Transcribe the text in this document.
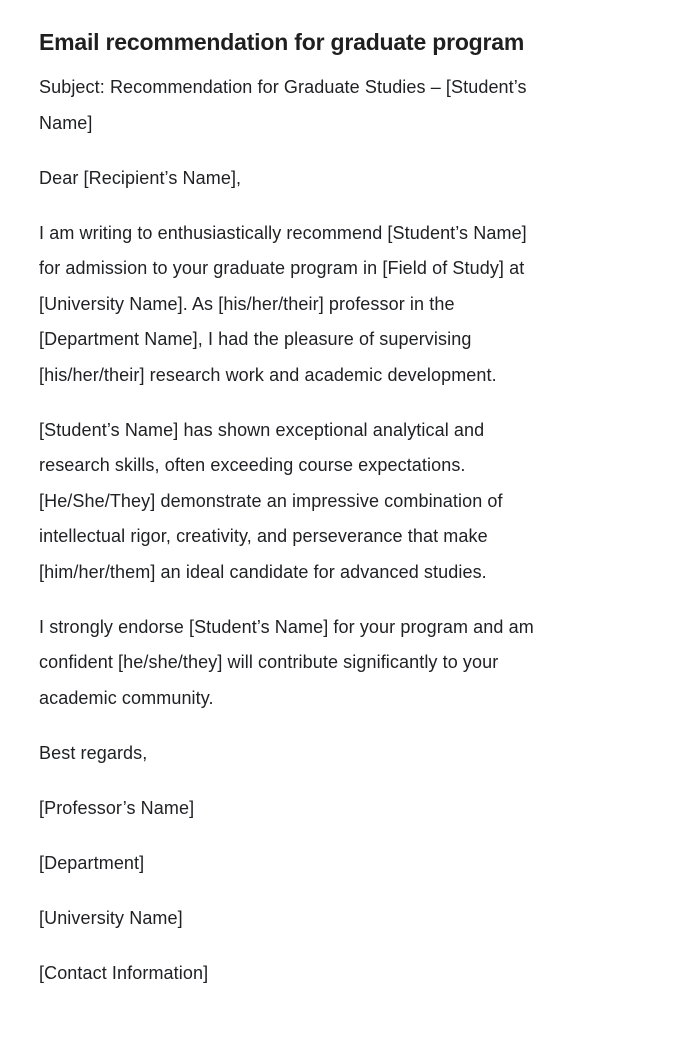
Email recommendation for graduate program

Subject: Recommendation for Graduate Studies – [Student’s
Name]

Dear [Recipient’s Name],

I am writing to enthusiastically recommend [Student’s Name]
for admission to your graduate program in [Field of Study] at
[University Name]. As [his/her/their] professor in the
[Department Name], I had the pleasure of supervising
[his/her/their] research work and academic development.

[Student’s Name] has shown exceptional analytical and
research skills, often exceeding course expectations.
[He/She/They] demonstrate an impressive combination of
intellectual rigor, creativity, and perseverance that make
[him/her/them] an ideal candidate for advanced studies.

I strongly endorse [Student’s Name] for your program and am
confident [he/she/they] will contribute significantly to your
academic community.

Best regards,

[Professor’s Name]

[Department]

[University Name]

[Contact Information]
